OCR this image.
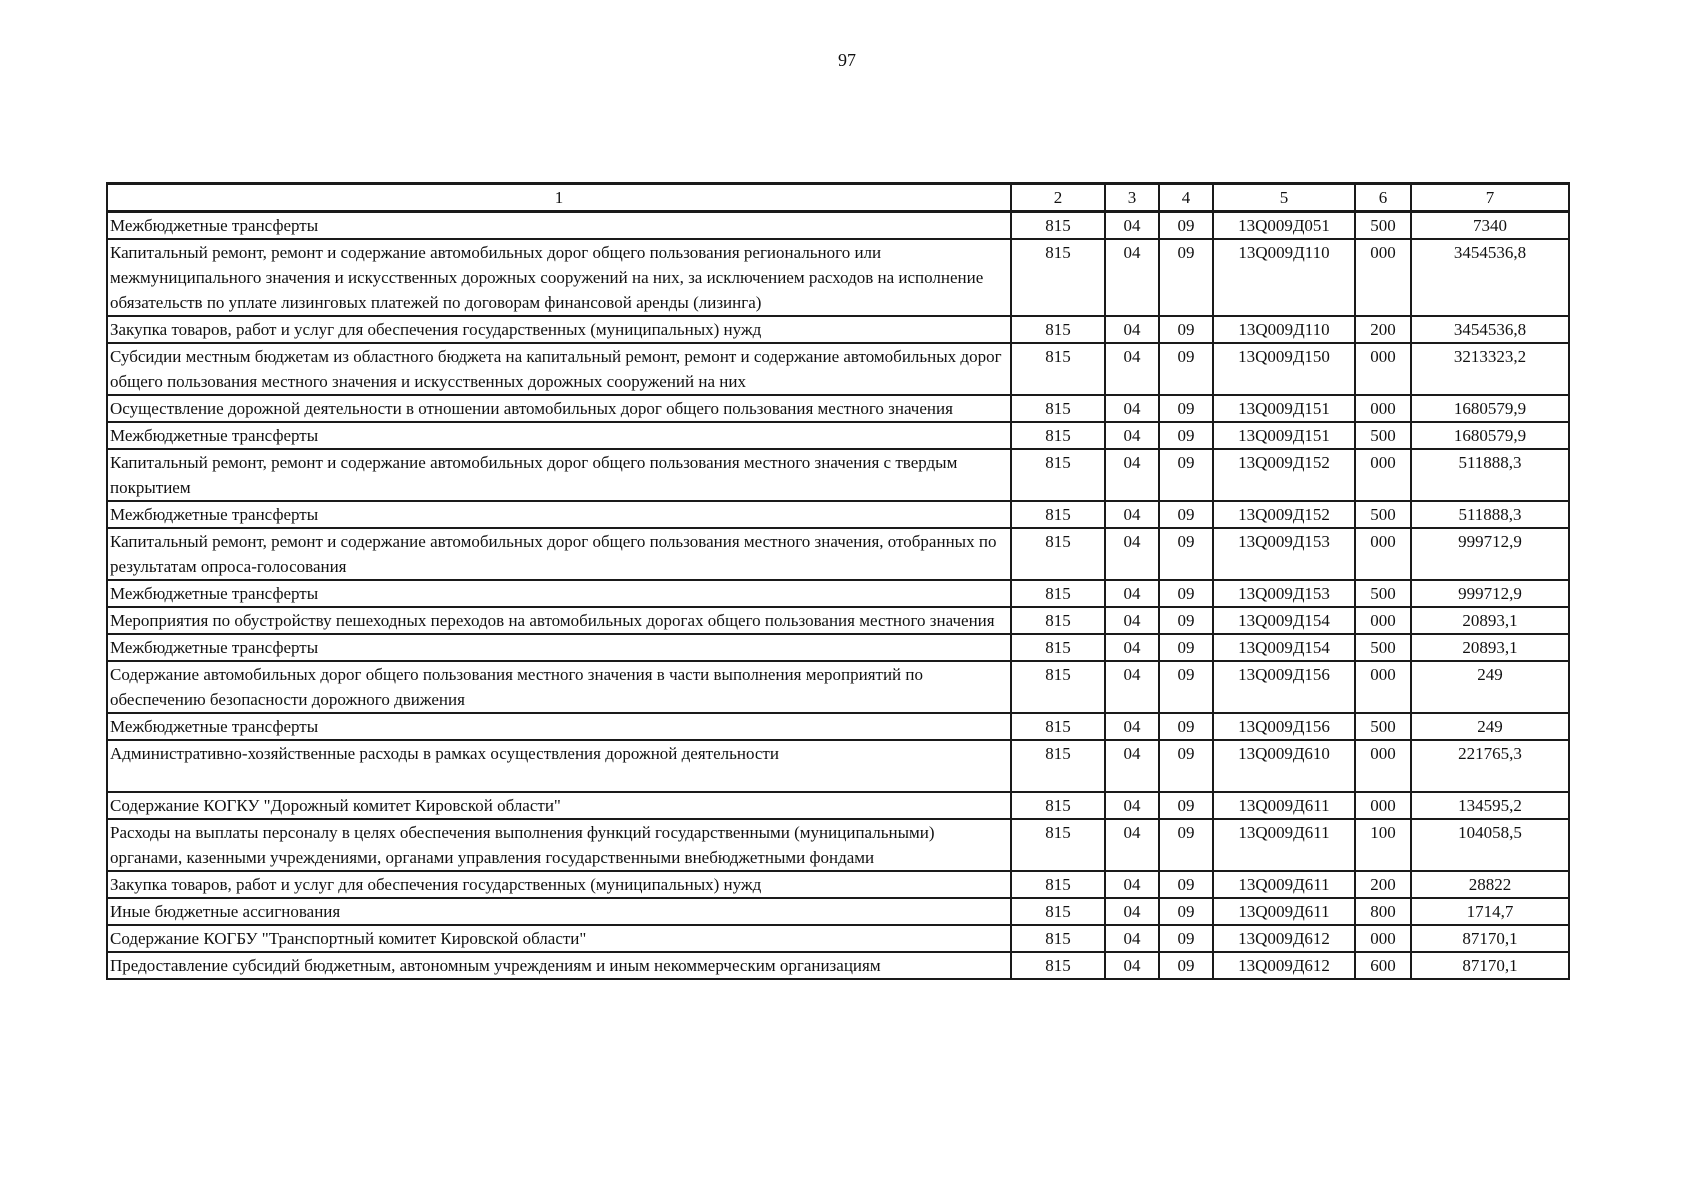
97
1	2	3	4	5	6	7
Межбюджетные трансферты	815	04	09	13Q009Д051	500	7340
Капитальный ремонт, ремонт и содержание автомобильных дорог общего пользования регионального или межмуниципального значения и искусственных дорожных сооружений на них, за исключением расходов на исполнение обязательств по уплате лизинговых платежей по договорам финансовой аренды (лизинга)	815	04	09	13Q009Д110	000	3454536,8
Закупка товаров, работ и услуг для обеспечения государственных (муниципальных) нужд	815	04	09	13Q009Д110	200	3454536,8
Субсидии местным бюджетам из областного бюджета на капитальный ремонт, ремонт и содержание автомобильных дорог общего пользования местного значения и искусственных дорожных сооружений на них	815	04	09	13Q009Д150	000	3213323,2
Осуществление дорожной деятельности в отношении автомобильных дорог общего пользования местного значения	815	04	09	13Q009Д151	000	1680579,9
Межбюджетные трансферты	815	04	09	13Q009Д151	500	1680579,9
Капитальный ремонт, ремонт и содержание автомобильных дорог общего пользования местного значения с твердым покрытием	815	04	09	13Q009Д152	000	511888,3
Межбюджетные трансферты	815	04	09	13Q009Д152	500	511888,3
Капитальный ремонт, ремонт и содержание автомобильных дорог общего пользования местного значения, отобранных по результатам опроса-голосования	815	04	09	13Q009Д153	000	999712,9
Межбюджетные трансферты	815	04	09	13Q009Д153	500	999712,9
Мероприятия по обустройству пешеходных переходов на автомобильных дорогах общего пользования местного значения	815	04	09	13Q009Д154	000	20893,1
Межбюджетные трансферты	815	04	09	13Q009Д154	500	20893,1
Содержание автомобильных дорог общего пользования местного значения в части выполнения мероприятий по обеспечению безопасности дорожного движения	815	04	09	13Q009Д156	000	249
Межбюджетные трансферты	815	04	09	13Q009Д156	500	249
Административно-хозяйственные расходы в рамках осуществления дорожной деятельности	815	04	09	13Q009Д610	000	221765,3
Содержание КОГКУ "Дорожный комитет Кировской области"	815	04	09	13Q009Д611	000	134595,2
Расходы на выплаты персоналу в целях обеспечения выполнения функций государственными (муниципальными) органами, казенными учреждениями, органами управления государственными внебюджетными фондами	815	04	09	13Q009Д611	100	104058,5
Закупка товаров, работ и услуг для обеспечения государственных (муниципальных) нужд	815	04	09	13Q009Д611	200	28822
Иные бюджетные ассигнования	815	04	09	13Q009Д611	800	1714,7
Содержание КОГБУ "Транспортный комитет Кировской области"	815	04	09	13Q009Д612	000	87170,1
Предоставление субсидий бюджетным, автономным учреждениям и иным некоммерческим организациям	815	04	09	13Q009Д612	600	87170,1
